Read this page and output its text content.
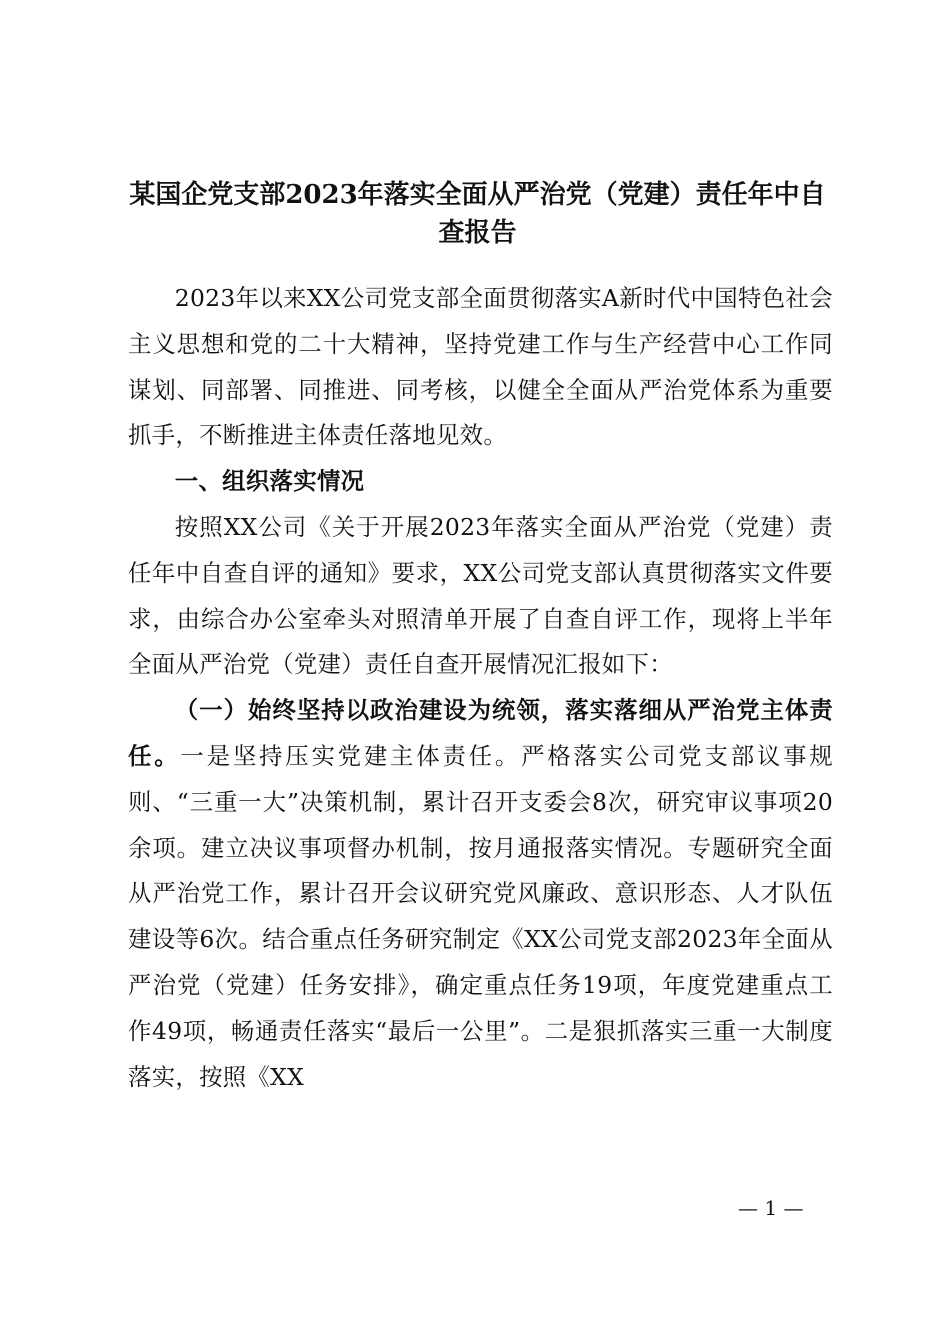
某国企党支部2023年落实全面从严治党（党建）责任年中自查报告

2023年以来XX公司党支部全面贯彻落实A新时代中国特色社会主义思想和党的二十大精神，坚持党建工作与生产经营中心工作同谋划、同部署、同推进、同考核，以健全全面从严治党体系为重要抓手，不断推进主体责任落地见效。

一、组织落实情况

按照XX公司《关于开展2023年落实全面从严治党（党建）责任年中自查自评的通知》要求，XX公司党支部认真贯彻落实文件要求，由综合办公室牵头对照清单开展了自查自评工作，现将上半年全面从严治党（党建）责任自查开展情况汇报如下：

（一）始终坚持以政治建设为统领，落实落细从严治党主体责任。一是坚持压实党建主体责任。严格落实公司党支部议事规则、“三重一大”决策机制，累计召开支委会8次，研究审议事项20余项。建立决议事项督办机制，按月通报落实情况。专题研究全面从严治党工作，累计召开会议研究党风廉政、意识形态、人才队伍建设等6次。结合重点任务研究制定《XX公司党支部2023年全面从严治党（党建）任务安排》，确定重点任务19项，年度党建重点工作49项，畅通责任落实“最后一公里”。二是狠抓落实三重一大制度落实，按照《XX

— 1 —
